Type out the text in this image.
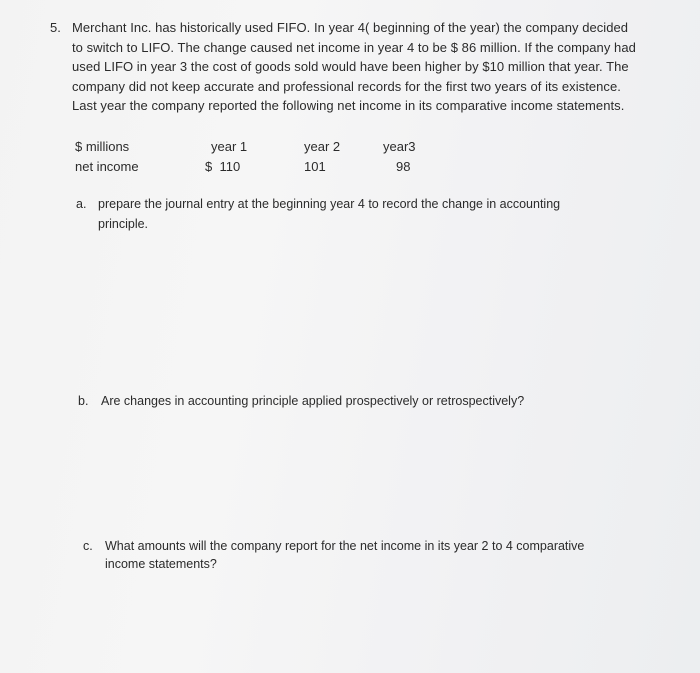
5. Merchant Inc. has historically used FIFO. In year 4( beginning of the year) the company decided
to switch to LIFO. The change caused net income in year 4 to be $ 86 million. If the company had
used LIFO in year 3 the cost of goods sold would have been higher by $10 million that year. The
company did not keep accurate and professional records for the first two years of its existence.
Last year the company reported the following net income in its comparative income statements.
$ millions	year 1	year 2	year3
net income	$  110	101	98
a. prepare the journal entry at the beginning year 4 to record the change in accounting
principle.
b. Are changes in accounting principle applied prospectively or retrospectively?
c. What amounts will the company report for the net income in its year 2 to 4 comparative
income statements?
